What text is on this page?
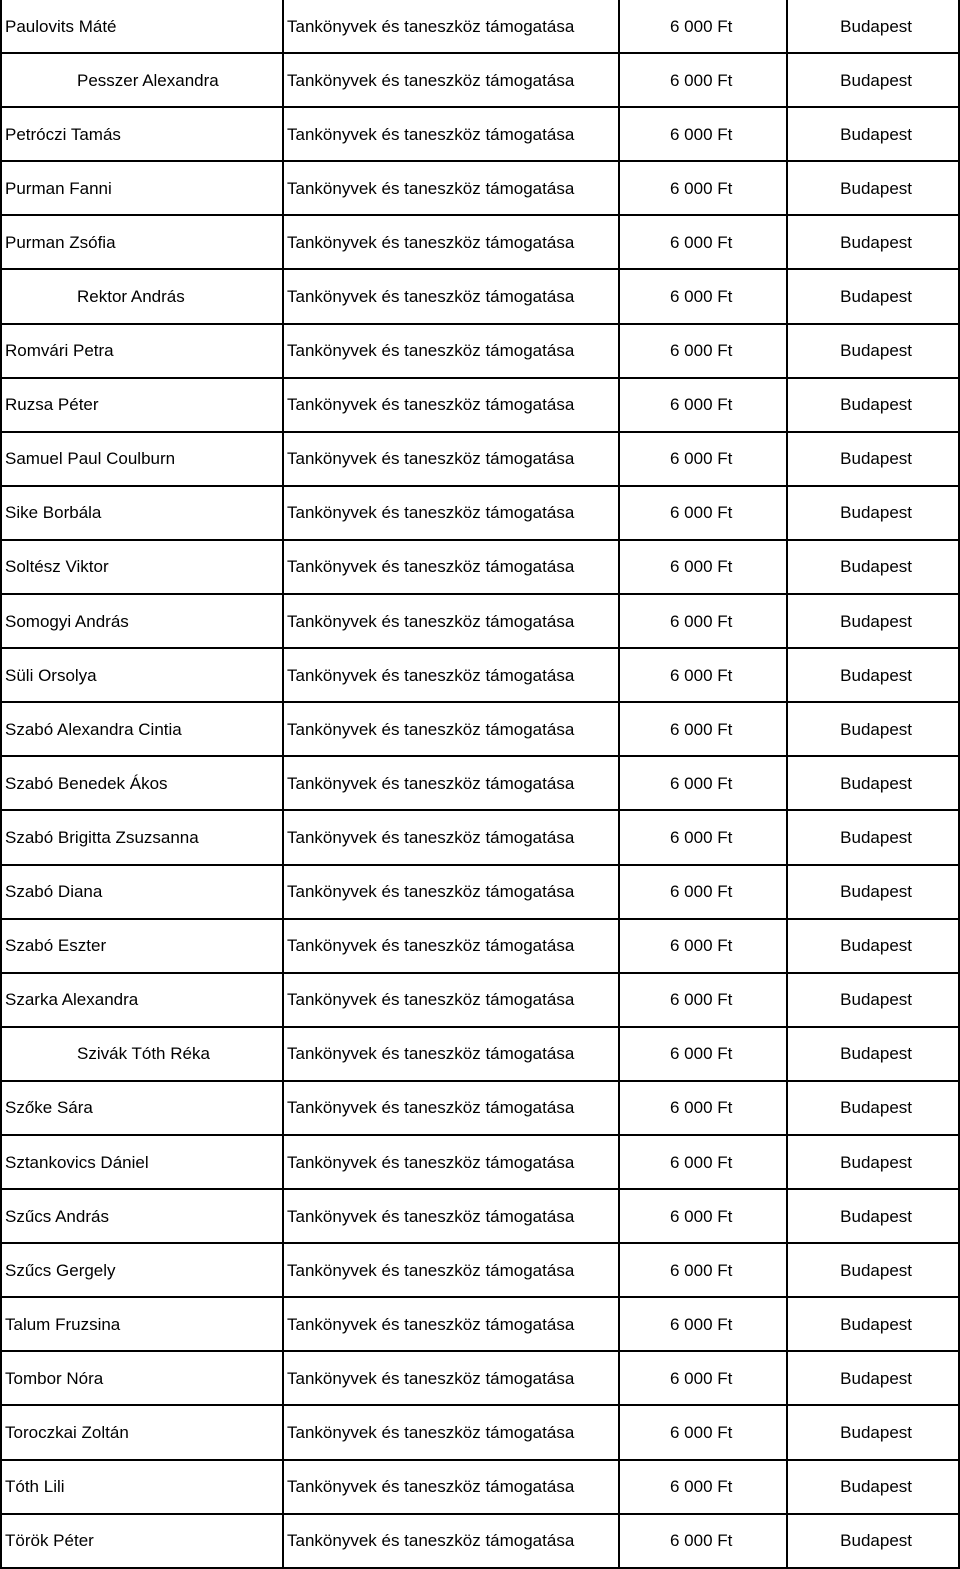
Paulovits Máté	Tankönyvek és taneszköz támogatása	6 000 Ft	Budapest
Pesszer Alexandra	Tankönyvek és taneszköz támogatása	6 000 Ft	Budapest
Petróczi Tamás	Tankönyvek és taneszköz támogatása	6 000 Ft	Budapest
Purman Fanni	Tankönyvek és taneszköz támogatása	6 000 Ft	Budapest
Purman Zsófia	Tankönyvek és taneszköz támogatása	6 000 Ft	Budapest
Rektor András	Tankönyvek és taneszköz támogatása	6 000 Ft	Budapest
Romvári Petra	Tankönyvek és taneszköz támogatása	6 000 Ft	Budapest
Ruzsa Péter	Tankönyvek és taneszköz támogatása	6 000 Ft	Budapest
Samuel Paul Coulburn	Tankönyvek és taneszköz támogatása	6 000 Ft	Budapest
Sike Borbála	Tankönyvek és taneszköz támogatása	6 000 Ft	Budapest
Soltész Viktor	Tankönyvek és taneszköz támogatása	6 000 Ft	Budapest
Somogyi András	Tankönyvek és taneszköz támogatása	6 000 Ft	Budapest
Süli Orsolya	Tankönyvek és taneszköz támogatása	6 000 Ft	Budapest
Szabó Alexandra Cintia	Tankönyvek és taneszköz támogatása	6 000 Ft	Budapest
Szabó Benedek Ákos	Tankönyvek és taneszköz támogatása	6 000 Ft	Budapest
Szabó Brigitta Zsuzsanna	Tankönyvek és taneszköz támogatása	6 000 Ft	Budapest
Szabó Diana	Tankönyvek és taneszköz támogatása	6 000 Ft	Budapest
Szabó Eszter	Tankönyvek és taneszköz támogatása	6 000 Ft	Budapest
Szarka Alexandra	Tankönyvek és taneszköz támogatása	6 000 Ft	Budapest
Szivák Tóth Réka	Tankönyvek és taneszköz támogatása	6 000 Ft	Budapest
Szőke Sára	Tankönyvek és taneszköz támogatása	6 000 Ft	Budapest
Sztankovics Dániel	Tankönyvek és taneszköz támogatása	6 000 Ft	Budapest
Szűcs András	Tankönyvek és taneszköz támogatása	6 000 Ft	Budapest
Szűcs Gergely	Tankönyvek és taneszköz támogatása	6 000 Ft	Budapest
Talum Fruzsina	Tankönyvek és taneszköz támogatása	6 000 Ft	Budapest
Tombor Nóra	Tankönyvek és taneszköz támogatása	6 000 Ft	Budapest
Toroczkai Zoltán	Tankönyvek és taneszköz támogatása	6 000 Ft	Budapest
Tóth Lili	Tankönyvek és taneszköz támogatása	6 000 Ft	Budapest
Török Péter	Tankönyvek és taneszköz támogatása	6 000 Ft	Budapest
